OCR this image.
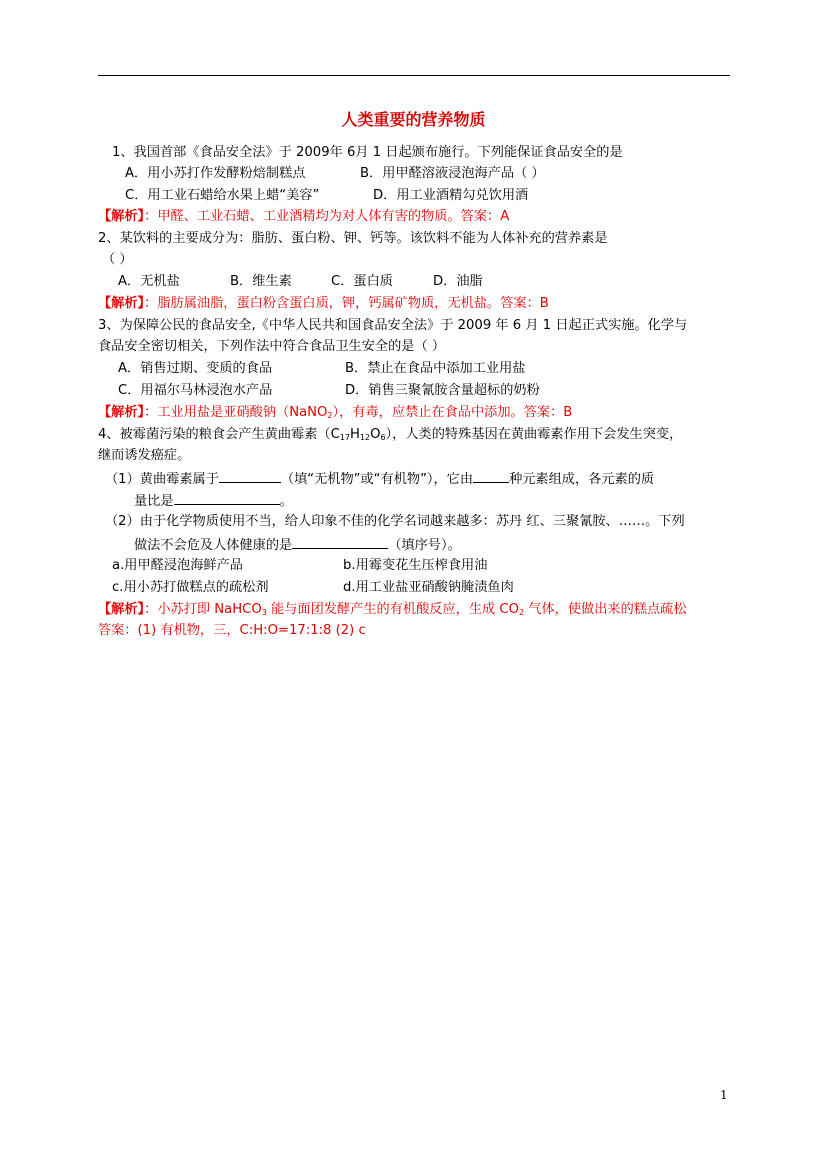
人类重要的营养物质
1、我国首部《食品安全法》于 2009年 6月 1 日起颁布施行。下列能保证食品安全的是
A．用小苏打作发酵粉焙制糕点	B．用甲醛溶液浸泡海产品（ ）
C．用工业石蜡给水果上蜡“美容”	D．用工业酒精勾兑饮用酒
【解析】：甲醛、工业石蜡、工业酒精均为对人体有害的物质。答案：A
2、某饮料的主要成分为：脂肪、蛋白粉、钾、钙等。该饮料不能为人体补充的营养素是
（ ）
A．无机盐	B．维生素	C．蛋白质	D．油脂
【解析】：脂肪属油脂，蛋白粉含蛋白质，钾，钙属矿物质，无机盐。答案：B
3、为保障公民的食品安全,《中华人民共和国食品安全法》于 2009 年 6 月 1 日起正式实施。化学与
食品安全密切相关，下列作法中符合食品卫生安全的是（ ）
A．销售过期、变质的食品	B．禁止在食品中添加工业用盐
C．用福尔马林浸泡水产品	D．销售三聚氰胺含量超标的奶粉
【解析】：工业用盐是亚硝酸钠（NaNO$_2$），有毒，应禁止在食品中添加。答案：B
4、被霉菌污染的粮食会产生黄曲霉素$(C_{17}H_{12}O_6)$，人类的特殊基因在黄曲霉素作用下会发生突变，
继而诱发癌症。
（1）黄曲霉素属于	（填“无机物”或“有机物”），它由	种元素组成，各元素的质
量比是	。
（2）由于化学物质使用不当，给人印象不佳的化学名词越来越多：苏丹 红、三聚氰胺、……。下列
做法不会危及人体健康的是	（填序号）。
a.用甲醛浸泡海鲜产品	b.用霉变花生压榨食用油
c.用小苏打做糕点的疏松剂	d.用工业盐亚硝酸钠腌渍鱼肉
【解析】：小苏打即 NaHCO$_3$ 能与面团发酵产生的有机酸反应，生成 $CO_2$ 气体，使做出来的糕点疏松
答案：(1) 有机物，三，C:H:O=17:1:8 (2) c
1
